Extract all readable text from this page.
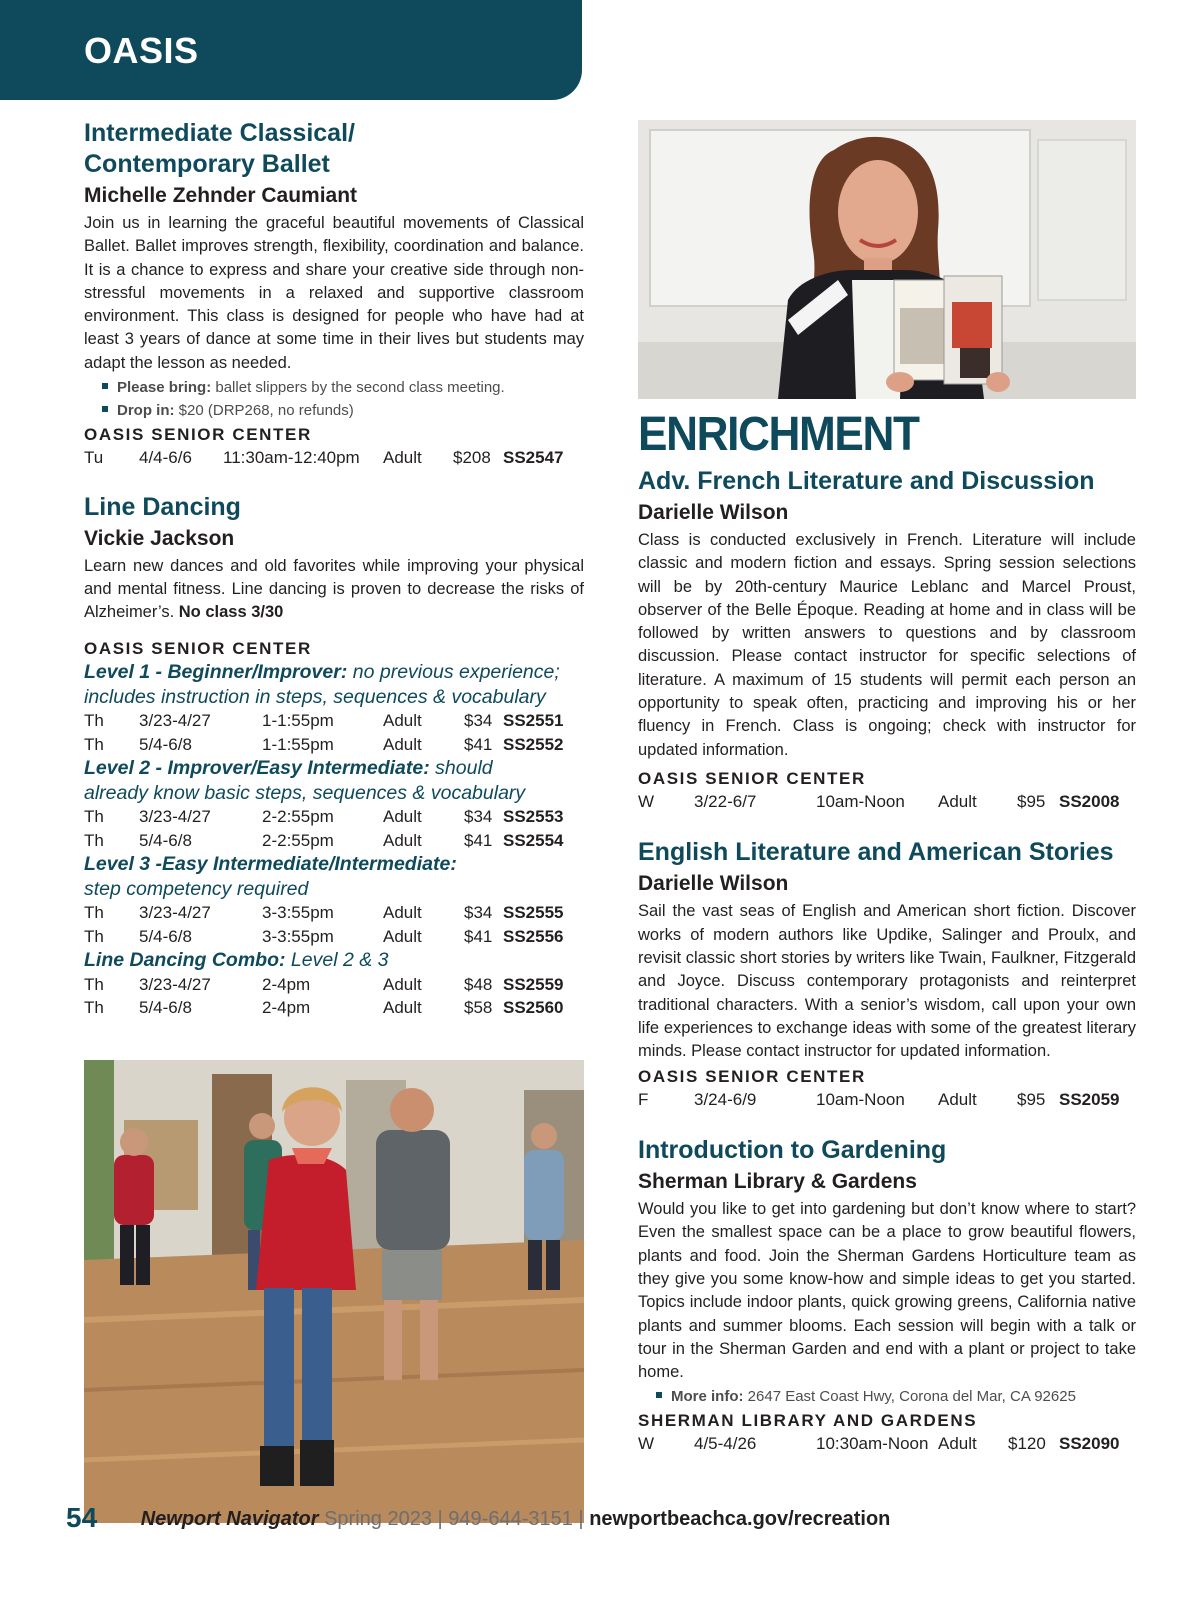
OASIS
Intermediate Classical/
Contemporary Ballet
Michelle Zehnder Caumiant

Join us in learning the graceful beautiful movements of Classical Ballet. Ballet improves strength, flexibility, coordination and balance. It is a chance to express and share your creative side through non-stressful movements in a relaxed and supportive classroom environment. This class is designed for people who have had at least 3 years of dance at some time in their lives but students may adapt the lesson as needed.

Please bring: ballet slippers by the second class meeting.
Drop in: $20 (DRP268, no refunds)
OASIS SENIOR CENTER
Tu 4/4-6/6 11:30am-12:40pm Adult $208 SS2547
Line Dancing
Vickie Jackson

Learn new dances and old favorites while improving your physical and mental fitness. Line dancing is proven to decrease the risks of Alzheimer’s. No class 3/30

OASIS SENIOR CENTER
Level 1 - Beginner/Improver: no previous experience;
includes instruction in steps, sequences & vocabulary
Th 3/23-4/27	1-1:55pm	Adult $34 SS2551
Th 5/4-6/8	1-1:55pm	Adult $41 SS2552
Level 2 - Improver/Easy Intermediate: should
already know basic steps, sequences & vocabulary
Th 3/23-4/27	2-2:55pm	Adult $34 SS2553
Th 5/4-6/8	2-2:55pm	Adult $41 SS2554
Level 3 -Easy Intermediate/Intermediate:
step competency required
Th 3/23-4/27	3-3:55pm	Adult $34 SS2555
Th 5/4-6/8	3-3:55pm	Adult $41 SS2556
Line Dancing Combo: Level 2 & 3
Th 3/23-4/27	2-4pm	Adult $48 SS2559
Th 5/4-6/8	2-4pm	Adult $58 SS2560
ENRICHMENT
Adv. French Literature and Discussion
Darielle Wilson

Class is conducted exclusively in French. Literature will include classic and modern fiction and essays. Spring session selections will be by 20th-century Maurice Leblanc and Marcel Proust, observer of the Belle Époque. Reading at home and in class will be followed by written answers to questions and by classroom discussion. Please contact instructor for specific selections of literature. A maximum of 15 students will permit each person an opportunity to speak often, practicing and improving his or her fluency in French. Class is ongoing; check with instructor for updated information.

OASIS SENIOR CENTER
W 3/22-6/7	10am-Noon Adult $95 SS2008
English Literature and American Stories
Darielle Wilson

Sail the vast seas of English and American short fiction. Discover works of modern authors like Updike, Salinger and Proulx, and revisit classic short stories by writers like Twain, Faulkner, Fitzgerald and Joyce. Discuss contemporary protagonists and reinterpret traditional characters. With a senior’s wisdom, call upon your own life experiences to exchange ideas with some of the greatest literary minds. Please contact instructor for updated information.

OASIS SENIOR CENTER
F	3/24-6/9	10am-Noon Adult $95 SS2059
Introduction to Gardening
Sherman Library & Gardens

Would you like to get into gardening but don’t know where to start? Even the smallest space can be a place to grow beautiful flowers, plants and food. Join the Sherman Gardens Horticulture team as they give you some know-how and simple ideas to get you started. Topics include indoor plants, quick growing greens, California native plants and summer blooms. Each session will begin with a talk or tour in the Sherman Garden and end with a plant or project to take home.

More info: 2647 East Coast Hwy, Corona del Mar, CA 92625
SHERMAN LIBRARY AND GARDENS
W 4/5-4/26	10:30am-Noon Adult $120 SS2090
54 Newport Navigator Spring 2023 | 949-644-3151 | newportbeachca.gov/recreation
